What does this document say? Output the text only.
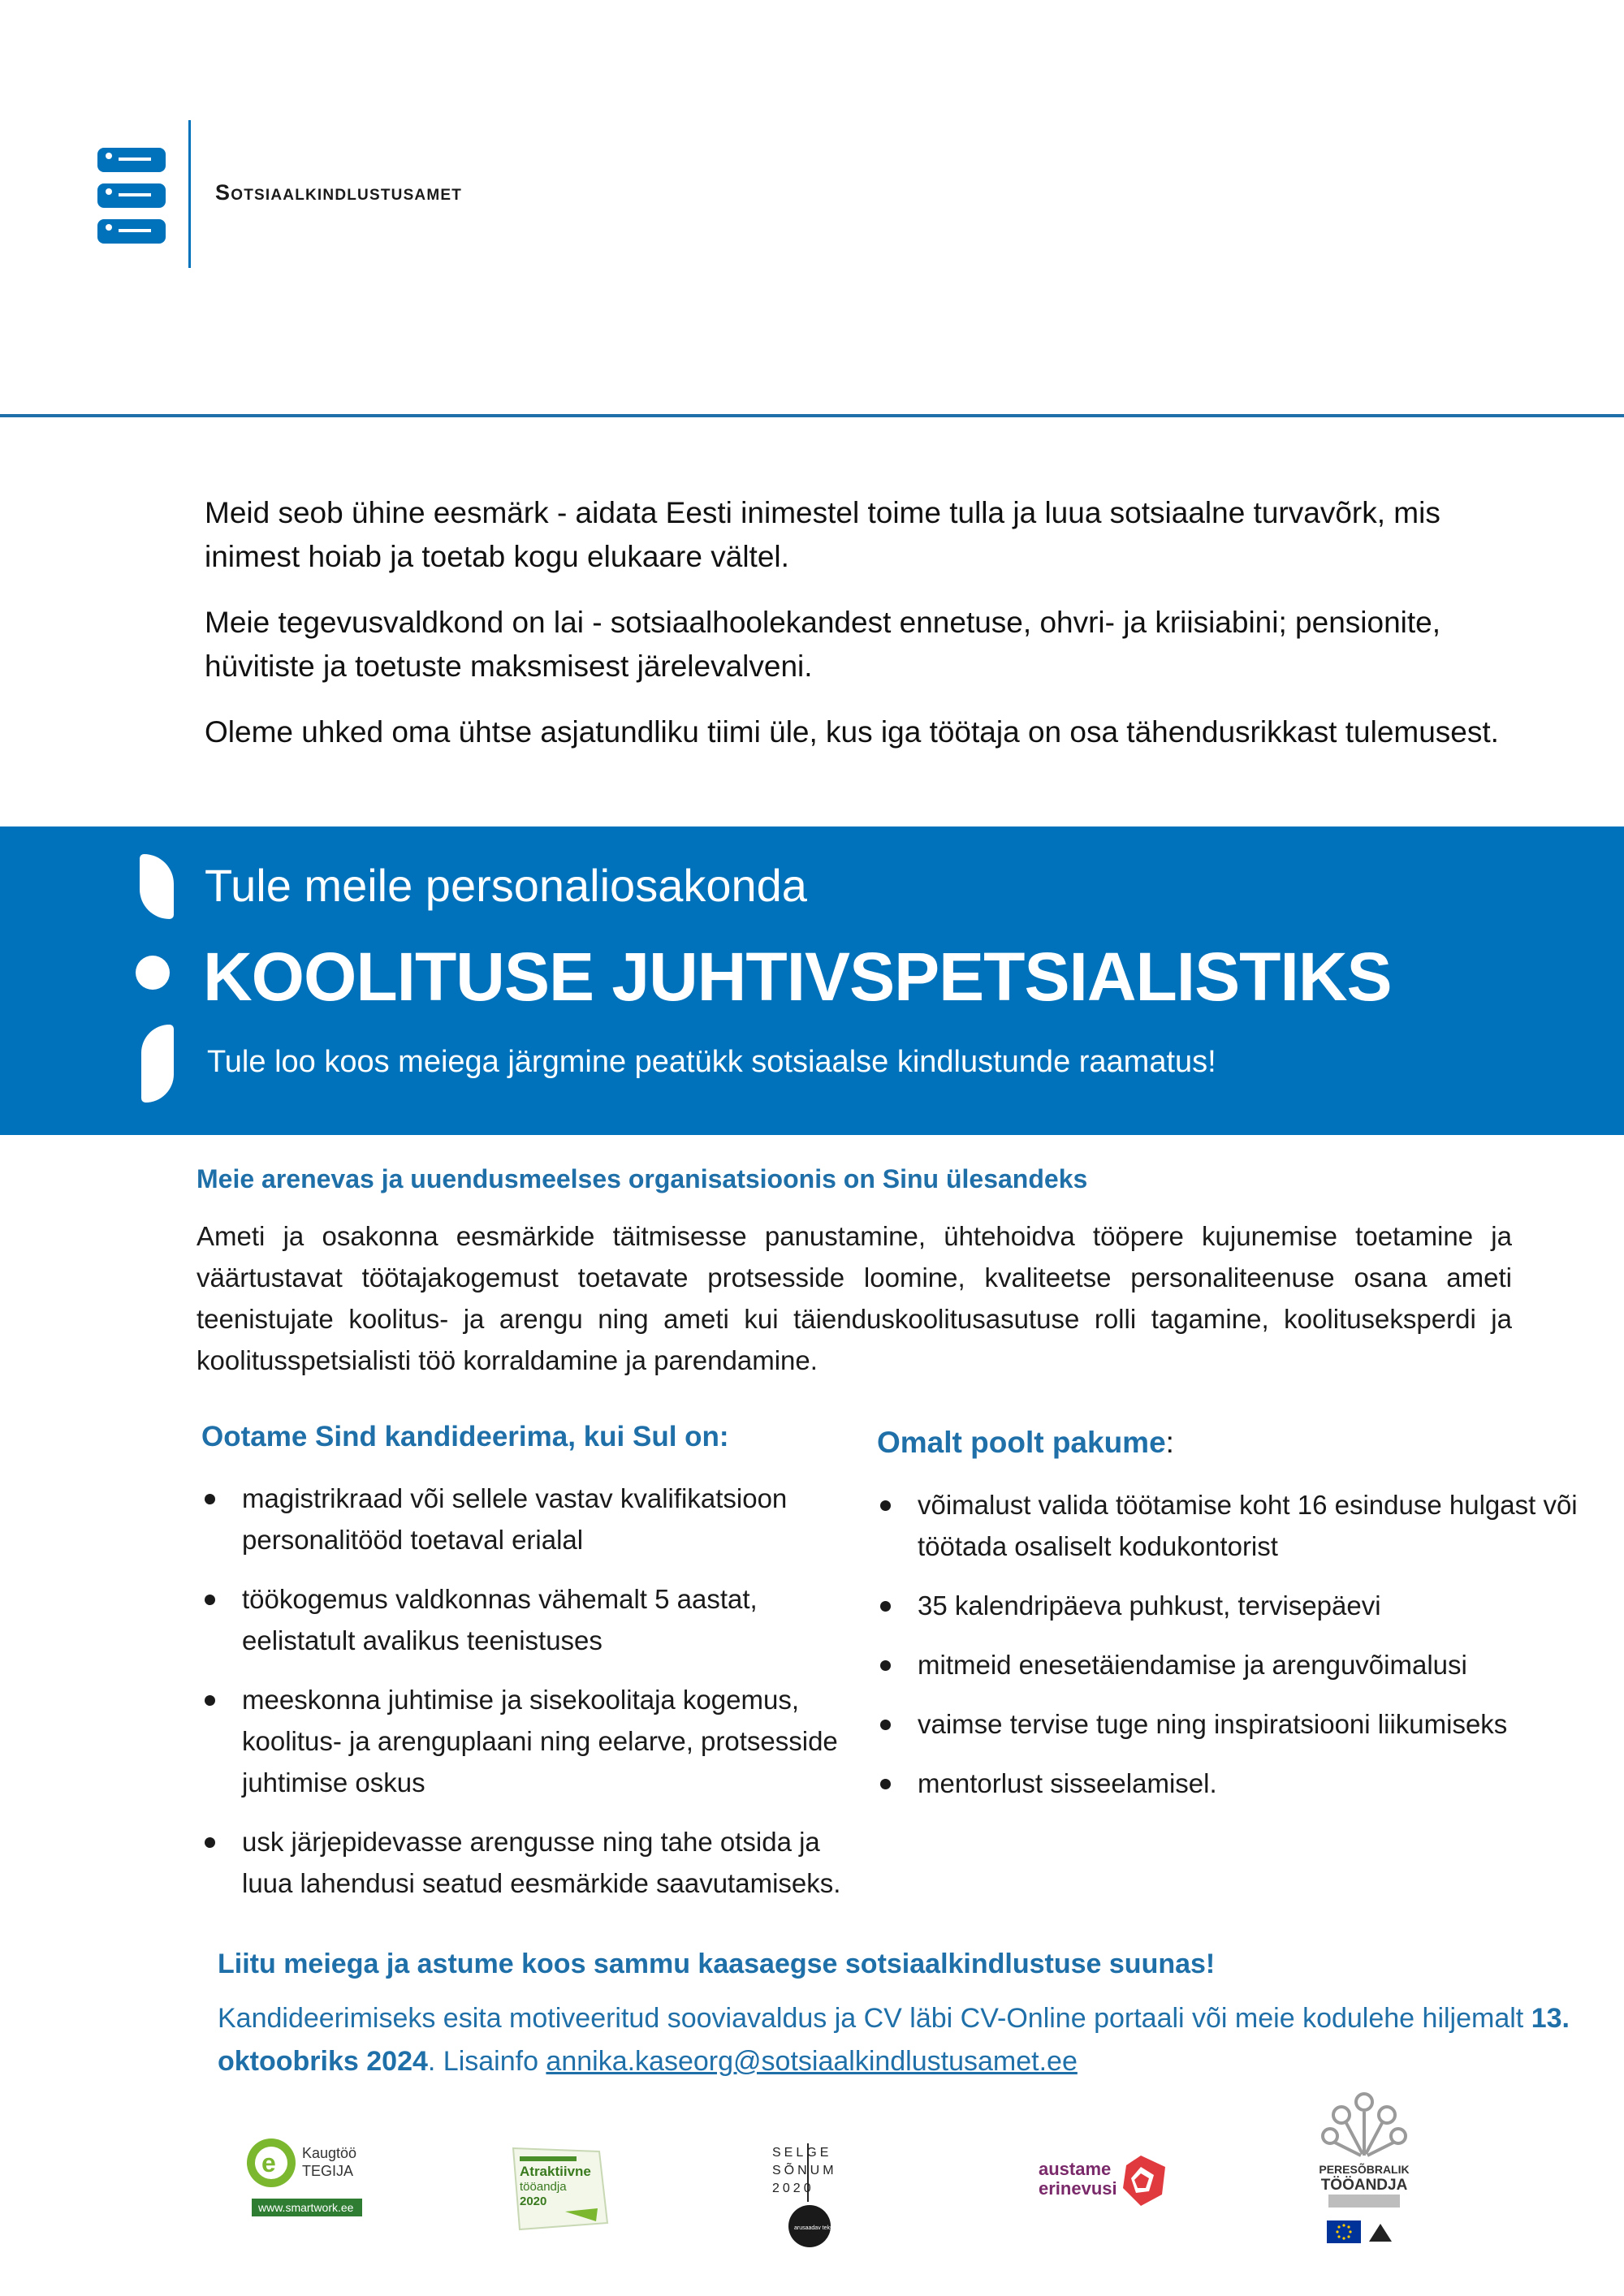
Sotsiaalkindlustusamet

Meid seob ühine eesmärk - aidata Eesti inimestel toime tulla ja luua sotsiaalne turvavõrk, mis inimest hoiab ja toetab kogu elukaare vältel.

Meie tegevusvaldkond on lai - sotsiaalhoolekandest ennetuse, ohvri- ja kriisiabini; pensionite, hüvitiste ja toetuste maksmisest järelevalveni.

Oleme uhked oma ühtse asjatundliku tiimi üle, kus iga töötaja on osa tähendusrikkast tulemusest.

Tule meile personaliosakonda
KOOLITUSE JUHTIVSPETSIALISTIKS
Tule loo koos meiega järgmine peatükk sotsiaalse kindlustunde raamatus!
Meie arenevas ja uuendusmeelses organisatsioonis on Sinu ülesandeks
Ameti ja osakonna eesmärkide täitmisesse panustamine, ühtehoidva tööpere kujunemise toetamine ja väärtustavat töötajakogemust toetavate protsesside loomine, kvaliteetse personaliteenuse osana ameti teenistujate koolitus- ja arengu ning ameti kui täienduskoolitusasutuse rolli tagamine, koolituseksperdi ja koolitusspetsialisti töö korraldamine ja parendamine.
Ootame Sind kandideerima, kui Sul on:
magistrikraad või sellele vastav kvalifikatsioon personalitööd toetaval erialal
töökogemus valdkonnas vähemalt 5 aastat, eelistatult avalikus teenistuses
meeskonna juhtimise ja sisekoolitaja kogemus, koolitus- ja arenguplaani ning eelarve, protsesside juhtimise oskus
usk järjepidevasse arengusse ning tahe otsida ja luua lahendusi seatud eesmärkide saavutamiseks.
Omalt poolt pakume:
võimalust valida töötamise koht 16 esinduse hulgast või töötada osaliselt kodukontorist
35 kalendripäeva puhkust, tervisepäevi
mitmeid enesetäiendamise ja arenguvõimalusi
vaimse tervise tuge ning inspiratsiooni liikumiseks
mentorlust sisseelamisel.
Liitu meiega ja astume koos sammu kaasaegse sotsiaalkindlustuse suunas!
Kandideerimiseks esita motiveeritud sooviavaldus ja CV läbi CV-Online portaali või meie kodulehe hiljemalt 13. oktoobriks 2024. Lisainfo annika.kaseorg@sotsiaalkindlustusamet.ee
e Kaugtöö
TEGIJA
www.smartwork.ee
Atraktiivne
tööandja
2020
SELGE
SÕNUM
2020
arusaadav tekst
austame
erinevusi
PERESÕBRALIK
TÖÖANDJA
